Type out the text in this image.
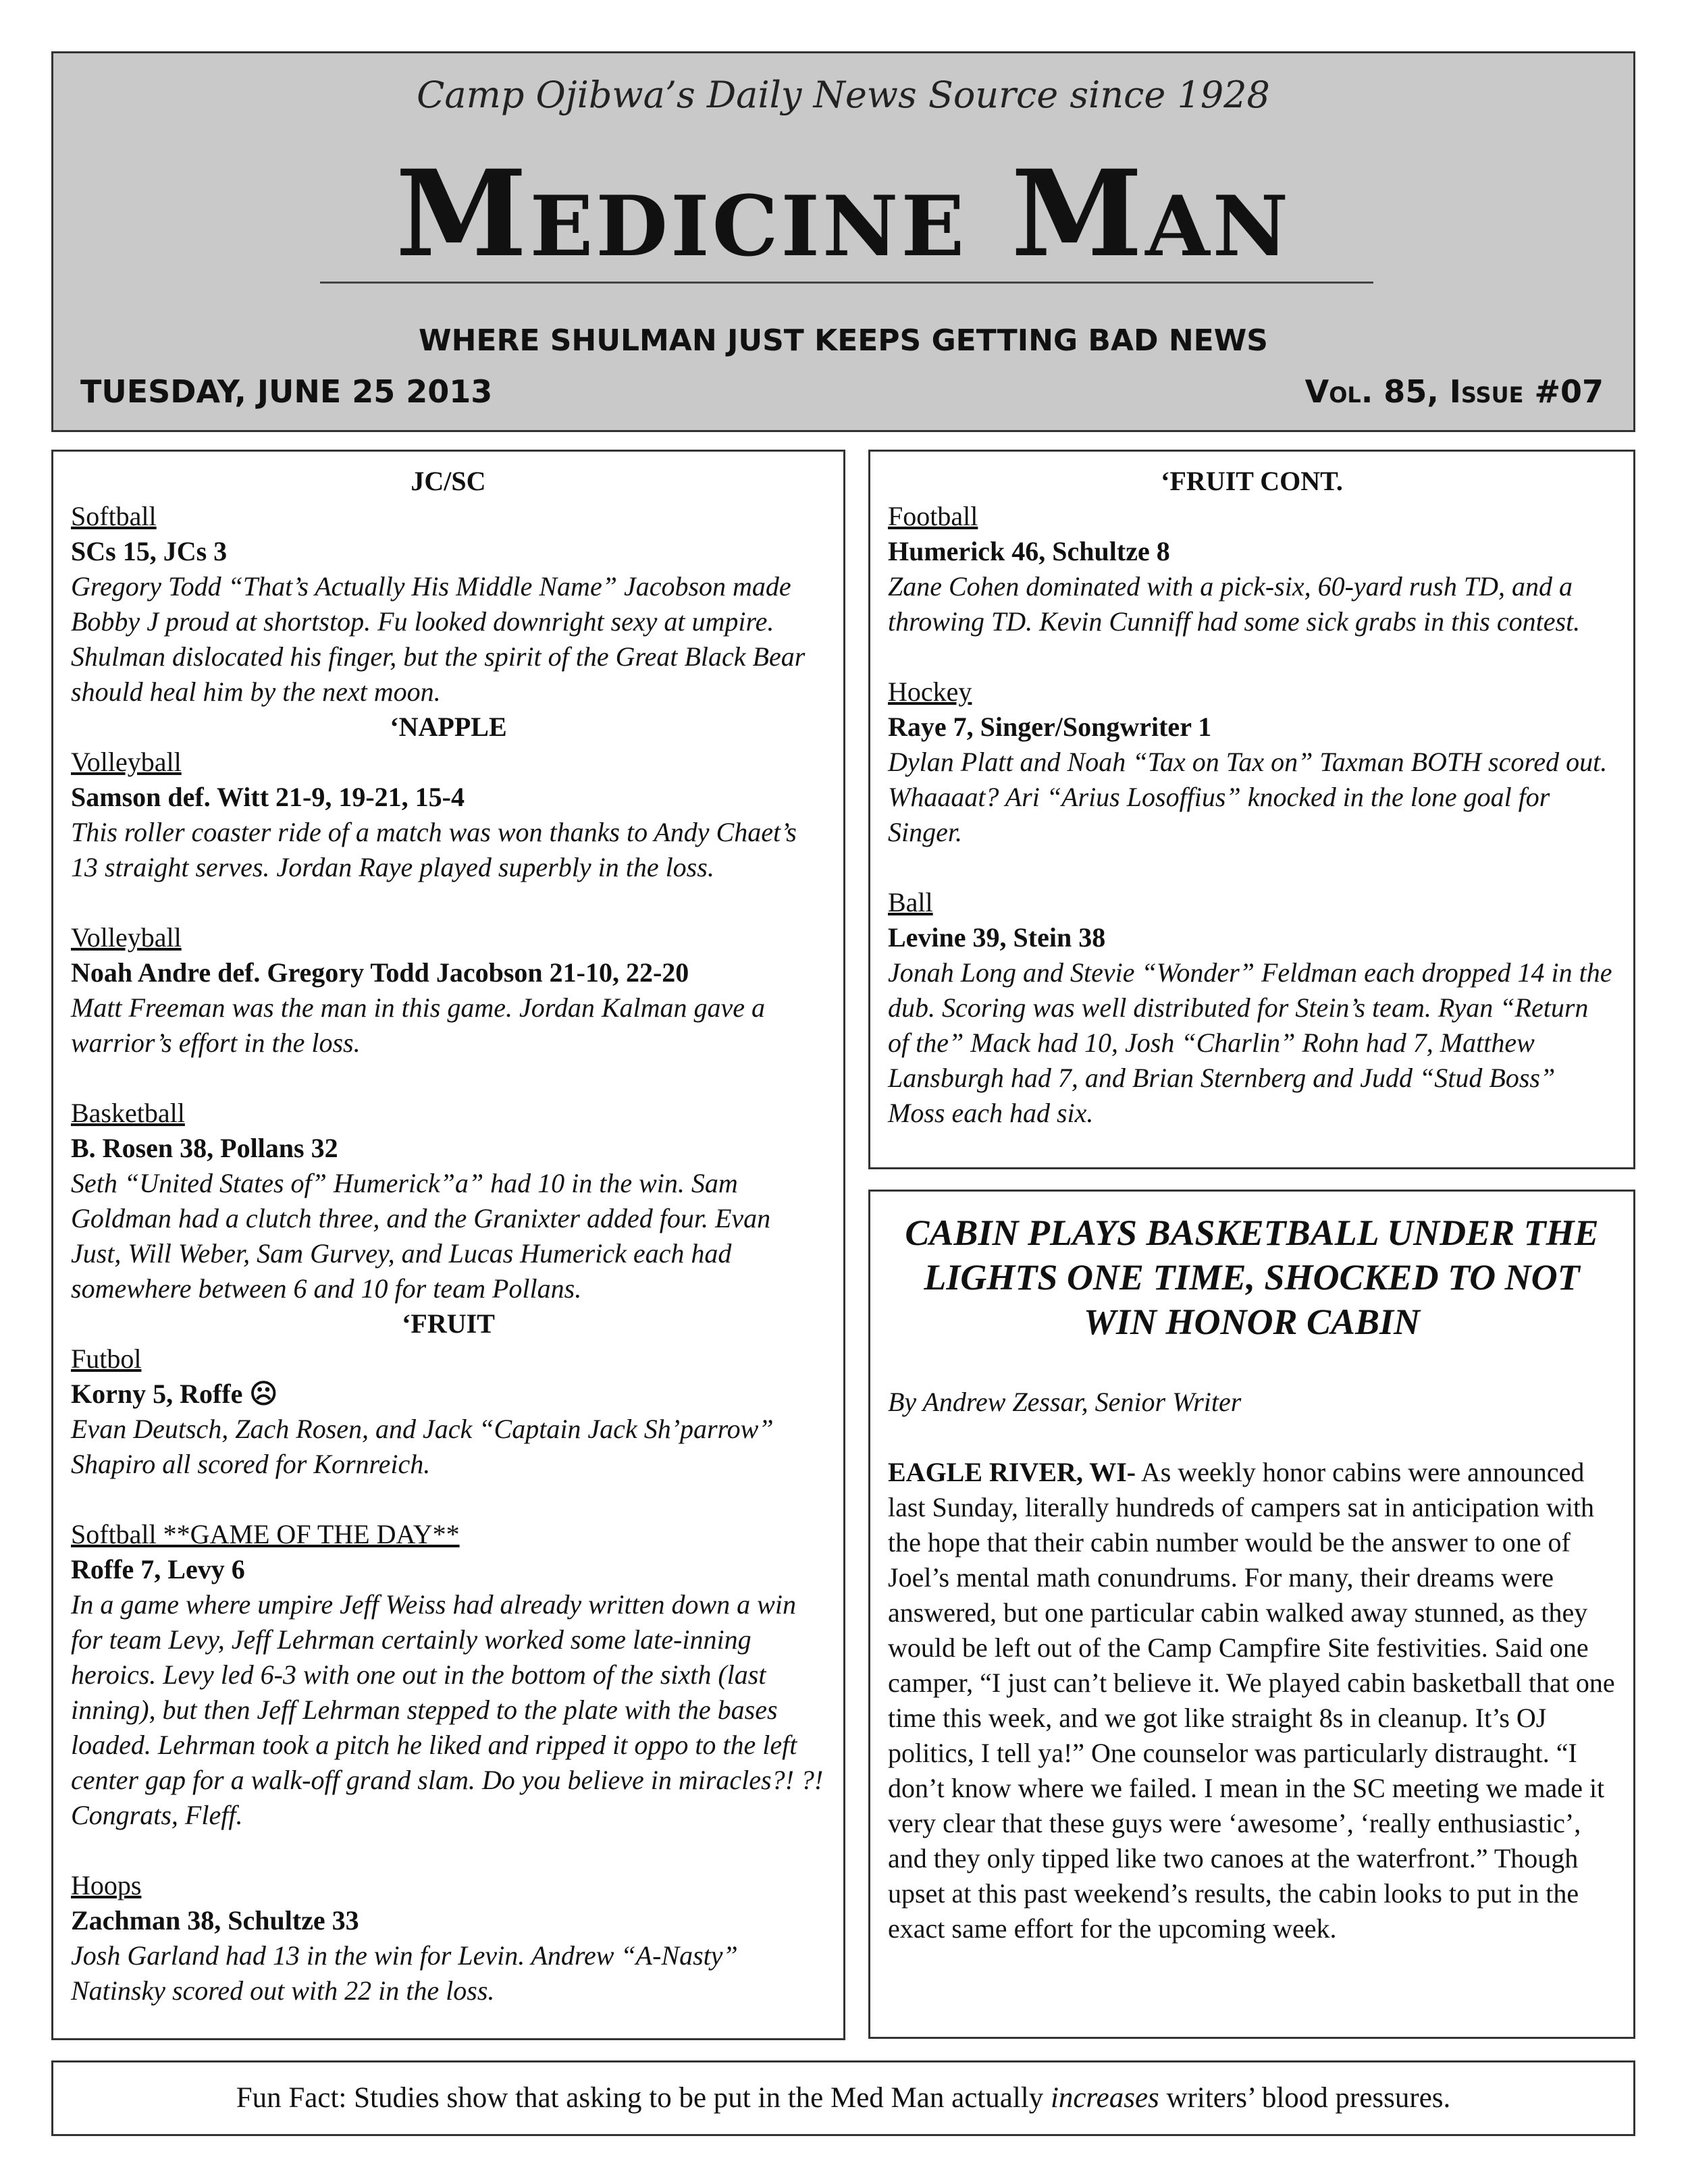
Camp Ojibwa’s Daily News Source since 1928
Medicine Man
WHERE SHULMAN JUST KEEPS GETTING BAD NEWS
TUESDAY, JUNE 25 2013	Vol. 85, Issue #07
JC/SC
Softball
SCs 15, JCs 3
Gregory Todd “That’s Actually His Middle Name” Jacobson made Bobby J proud at shortstop. Fu looked downright sexy at umpire. Shulman dislocated his finger, but the spirit of the Great Black Bear should heal him by the next moon.
‘NAPPLE
Volleyball
Samson def. Witt 21-9, 19-21, 15-4
This roller coaster ride of a match was won thanks to Andy Chaet’s 13 straight serves. Jordan Raye played superbly in the loss.
Volleyball
Noah Andre def. Gregory Todd Jacobson 21-10, 22-20
Matt Freeman was the man in this game. Jordan Kalman gave a warrior’s effort in the loss.
Basketball
B. Rosen 38, Pollans 32
Seth “United States of” Humerick”a” had 10 in the win. Sam Goldman had a clutch three, and the Granixter added four. Evan Just, Will Weber, Sam Gurvey, and Lucas Humerick each had somewhere between 6 and 10 for team Pollans.
‘FRUIT
Futbol
Korny 5, Roffe ☹
Evan Deutsch, Zach Rosen, and Jack “Captain Jack Sh’parrow” Shapiro all scored for Kornreich.
Softball **GAME OF THE DAY**
Roffe 7, Levy 6
In a game where umpire Jeff Weiss had already written down a win for team Levy, Jeff Lehrman certainly worked some late-inning heroics. Levy led 6-3 with one out in the bottom of the sixth (last inning), but then Jeff Lehrman stepped to the plate with the bases loaded. Lehrman took a pitch he liked and ripped it oppo to the left center gap for a walk-off grand slam. Do you believe in miracles?! ?! Congrats, Fleff.
Hoops
Zachman 38, Schultze 33
Josh Garland had 13 in the win for Levin. Andrew “A-Nasty” Natinsky scored out with 22 in the loss.
‘FRUIT CONT.
Football
Humerick 46, Schultze 8
Zane Cohen dominated with a pick-six, 60-yard rush TD, and a throwing TD. Kevin Cunniff had some sick grabs in this contest.
Hockey
Raye 7, Singer/Songwriter 1
Dylan Platt and Noah “Tax on Tax on” Taxman BOTH scored out. Whaaaat? Ari “Arius Losoffius” knocked in the lone goal for Singer.
Ball
Levine 39, Stein 38
Jonah Long and Stevie “Wonder” Feldman each dropped 14 in the dub. Scoring was well distributed for Stein’s team. Ryan “Return of the” Mack had 10, Josh “Charlin” Rohn had 7, Matthew Lansburgh had 7, and Brian Sternberg and Judd “Stud Boss” Moss each had six.
CABIN PLAYS BASKETBALL UNDER THE LIGHTS ONE TIME, SHOCKED TO NOT WIN HONOR CABIN
By Andrew Zessar, Senior Writer
EAGLE RIVER, WI- As weekly honor cabins were announced last Sunday, literally hundreds of campers sat in anticipation with the hope that their cabin number would be the answer to one of Joel’s mental math conundrums. For many, their dreams were answered, but one particular cabin walked away stunned, as they would be left out of the Camp Campfire Site festivities. Said one camper, “I just can’t believe it. We played cabin basketball that one time this week, and we got like straight 8s in cleanup. It’s OJ politics, I tell ya!” One counselor was particularly distraught. “I don’t know where we failed. I mean in the SC meeting we made it very clear that these guys were ‘awesome’, ‘really enthusiastic’, and they only tipped like two canoes at the waterfront.” Though upset at this past weekend’s results, the cabin looks to put in the exact same effort for the upcoming week.
Fun Fact: Studies show that asking to be put in the Med Man actually increases writers’ blood pressures.
